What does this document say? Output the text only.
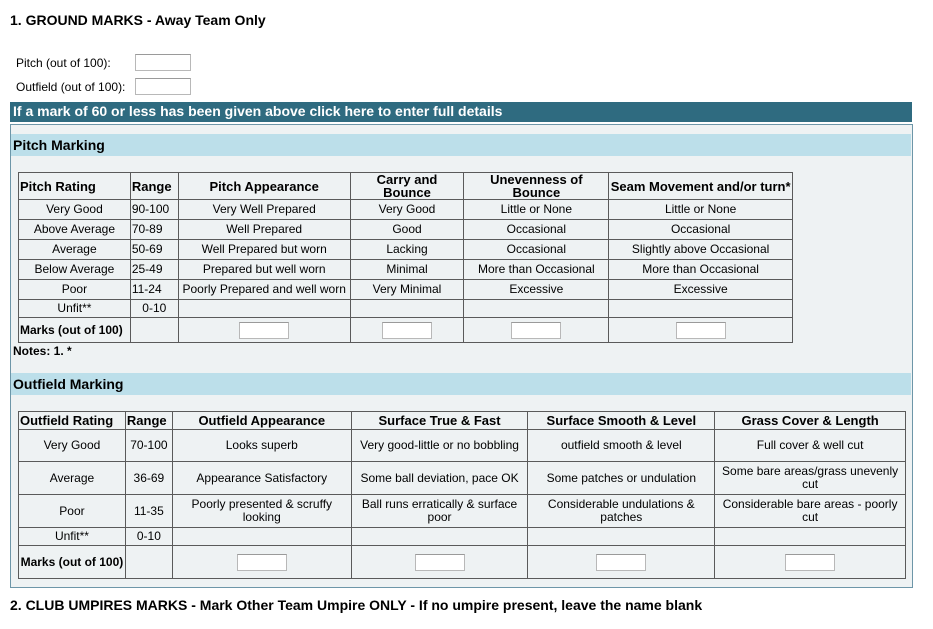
1. GROUND MARKS - Away Team Only
Pitch (out of 100):
Outfield (out of 100):
If a mark of 60 or less has been given above click here to enter full details
Pitch Marking
Pitch Rating	Range	Pitch Appearance	Carry and Bounce	Unevenness of Bounce	Seam Movement and/or turn*
Very Good	90-100	Very Well Prepared	Very Good	Little or None	Little or None
Above Average	70-89	Well Prepared	Good	Occasional	Occasional
Average	50-69	Well Prepared but worn	Lacking	Occasional	Slightly above Occasional
Below Average	25-49	Prepared but well worn	Minimal	More than Occasional	More than Occasional
Poor	11-24	Poorly Prepared and well worn	Very Minimal	Excessive	Excessive
Unfit**	0-10				
Marks (out of 100)					
Notes: 1. *
Outfield Marking
Outfield Rating	Range	Outfield Appearance	Surface True & Fast	Surface Smooth & Level	Grass Cover & Length
Very Good	70-100	Looks superb	Very good-little or no bobbling	outfield smooth & level	Full cover & well cut
Average	36-69	Appearance Satisfactory	Some ball deviation, pace OK	Some patches or undulation	Some bare areas/grass unevenly cut
Poor	11-35	Poorly presented & scruffy looking	Ball runs erratically & surface poor	Considerable undulations & patches	Considerable bare areas - poorly cut
Unfit**	0-10				
Marks (out of 100)					
2. CLUB UMPIRES MARKS - Mark Other Team Umpire ONLY - If no umpire present, leave the name blank
